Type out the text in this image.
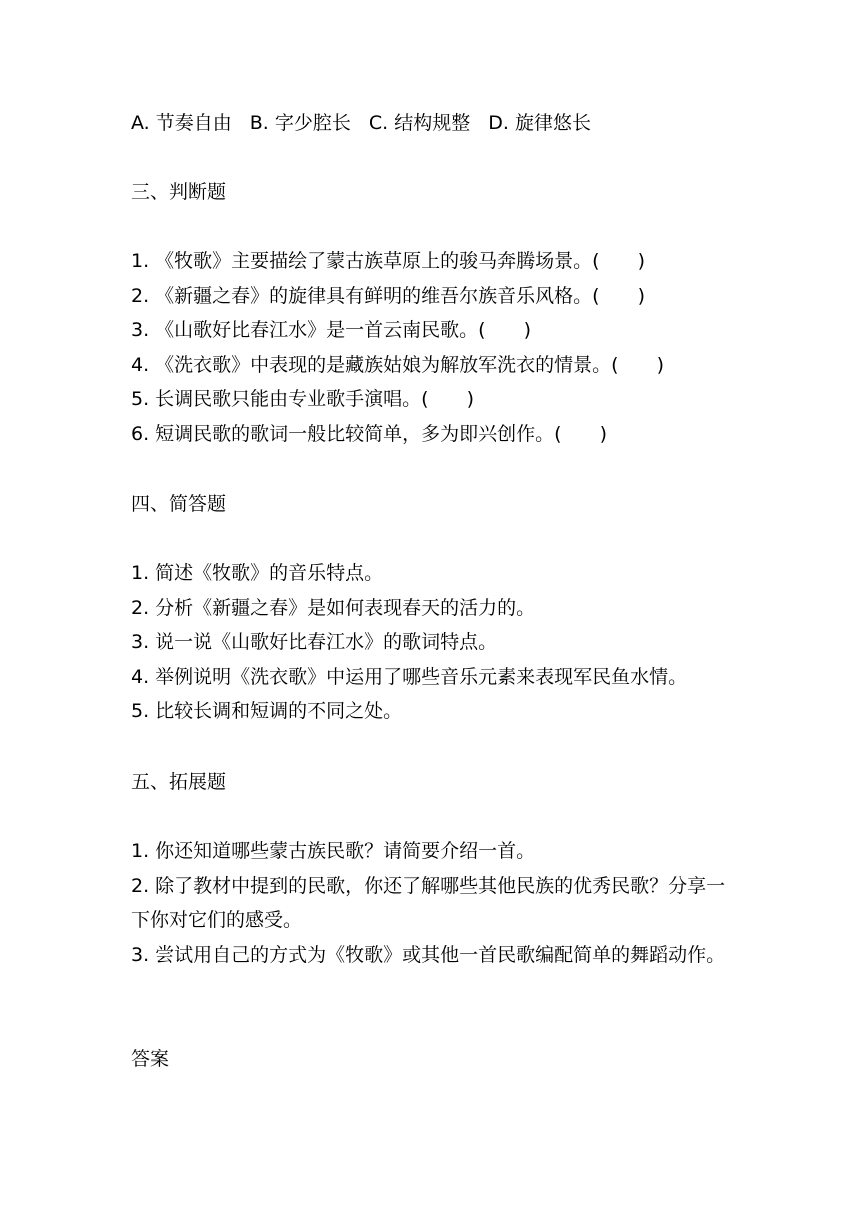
A. 节奏自由 B. 字少腔长 C. 结构规整 D. 旋律悠长
三、判断题
1. 《牧歌》主要描绘了蒙古族草原上的骏马奔腾场景。(　　)
2. 《新疆之春》的旋律具有鲜明的维吾尔族音乐风格。(　　)
3. 《山歌好比春江水》是一首云南民歌。(　　)
4. 《洗衣歌》中表现的是藏族姑娘为解放军洗衣的情景。(　　)
5. 长调民歌只能由专业歌手演唱。(　　)
6. 短调民歌的歌词一般比较简单，多为即兴创作。(　　)
四、简答题
1. 简述《牧歌》的音乐特点。
2. 分析《新疆之春》是如何表现春天的活力的。
3. 说一说《山歌好比春江水》的歌词特点。
4. 举例说明《洗衣歌》中运用了哪些音乐元素来表现军民鱼水情。
5. 比较长调和短调的不同之处。
五、拓展题
1. 你还知道哪些蒙古族民歌？请简要介绍一首。
2. 除了教材中提到的民歌，你还了解哪些其他民族的优秀民歌？分享一下你对它们的感受。
3. 尝试用自己的方式为《牧歌》或其他一首民歌编配简单的舞蹈动作。
答案
